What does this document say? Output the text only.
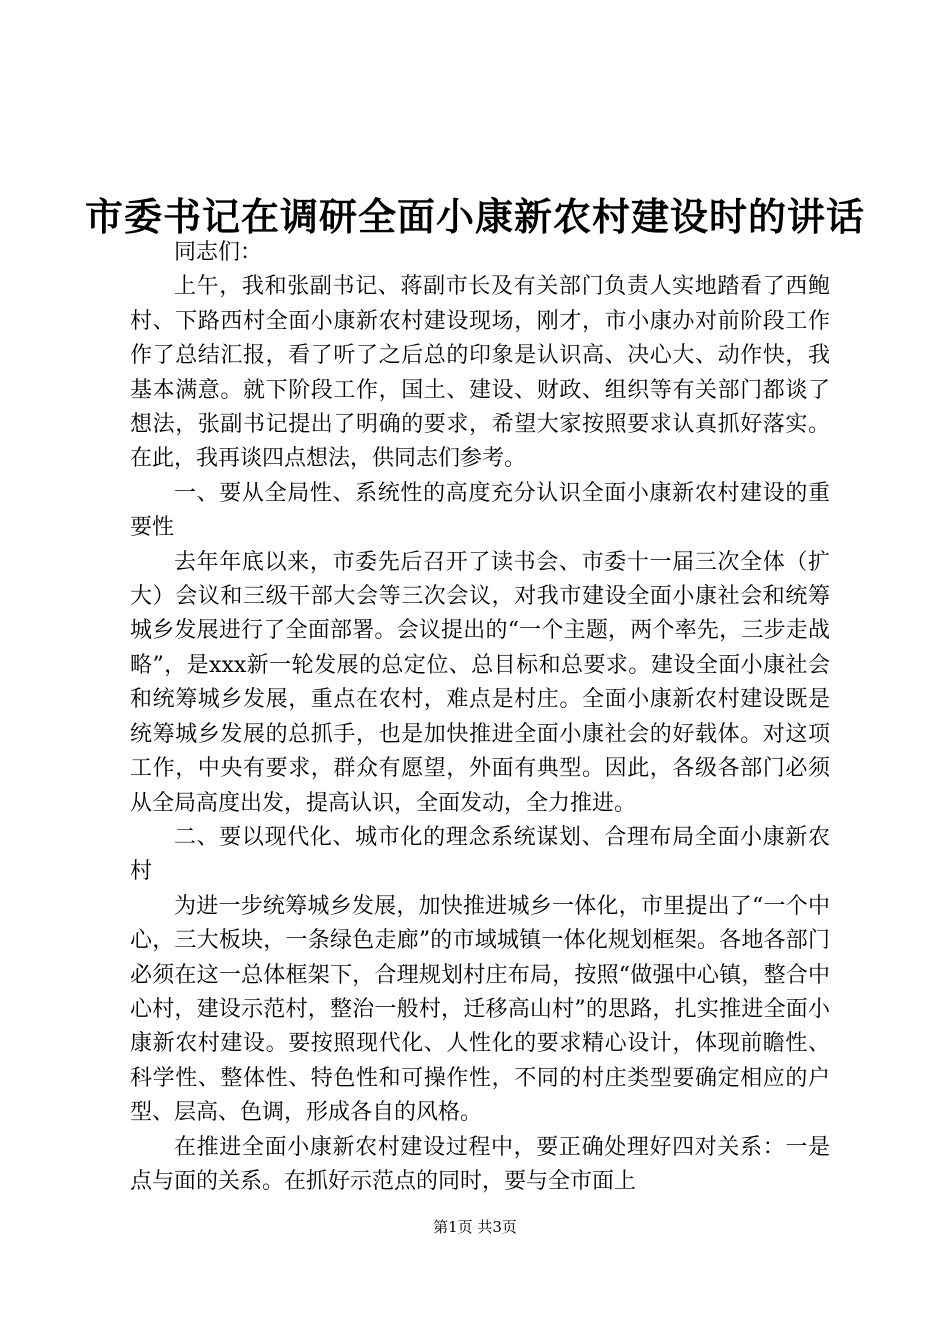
市委书记在调研全面小康新农村建设时的讲话

同志们：

上午，我和张副书记、蒋副市长及有关部门负责人实地踏看了西鲍村、下路西村全面小康新农村建设现场，刚才，市小康办对前阶段工作作了总结汇报，看了听了之后总的印象是认识高、决心大、动作快，我基本满意。就下阶段工作，国土、建设、财政、组织等有关部门都谈了想法，张副书记提出了明确的要求，希望大家按照要求认真抓好落实。在此，我再谈四点想法，供同志们参考。

一、要从全局性、系统性的高度充分认识全面小康新农村建设的重要性

去年年底以来，市委先后召开了读书会、市委十一届三次全体（扩大）会议和三级干部大会等三次会议，对我市建设全面小康社会和统筹城乡发展进行了全面部署。会议提出的“一个主题，两个率先，三步走战略”，是xxx新一轮发展的总定位、总目标和总要求。建设全面小康社会和统筹城乡发展，重点在农村，难点是村庄。全面小康新农村建设既是统筹城乡发展的总抓手，也是加快推进全面小康社会的好载体。对这项工作，中央有要求，群众有愿望，外面有典型。因此，各级各部门必须从全局高度出发，提高认识，全面发动，全力推进。

二、要以现代化、城市化的理念系统谋划、合理布局全面小康新农村

为进一步统筹城乡发展，加快推进城乡一体化，市里提出了“一个中心，三大板块，一条绿色走廊”的市域城镇一体化规划框架。各地各部门必须在这一总体框架下，合理规划村庄布局，按照“做强中心镇，整合中心村，建设示范村，整治一般村，迁移高山村”的思路，扎实推进全面小康新农村建设。要按照现代化、人性化的要求精心设计，体现前瞻性、科学性、整体性、特色性和可操作性，不同的村庄类型要确定相应的户型、层高、色调，形成各自的风格。

在推进全面小康新农村建设过程中，要正确处理好四对关系：一是点与面的关系。在抓好示范点的同时，要与全市面上

第1页 共3页
